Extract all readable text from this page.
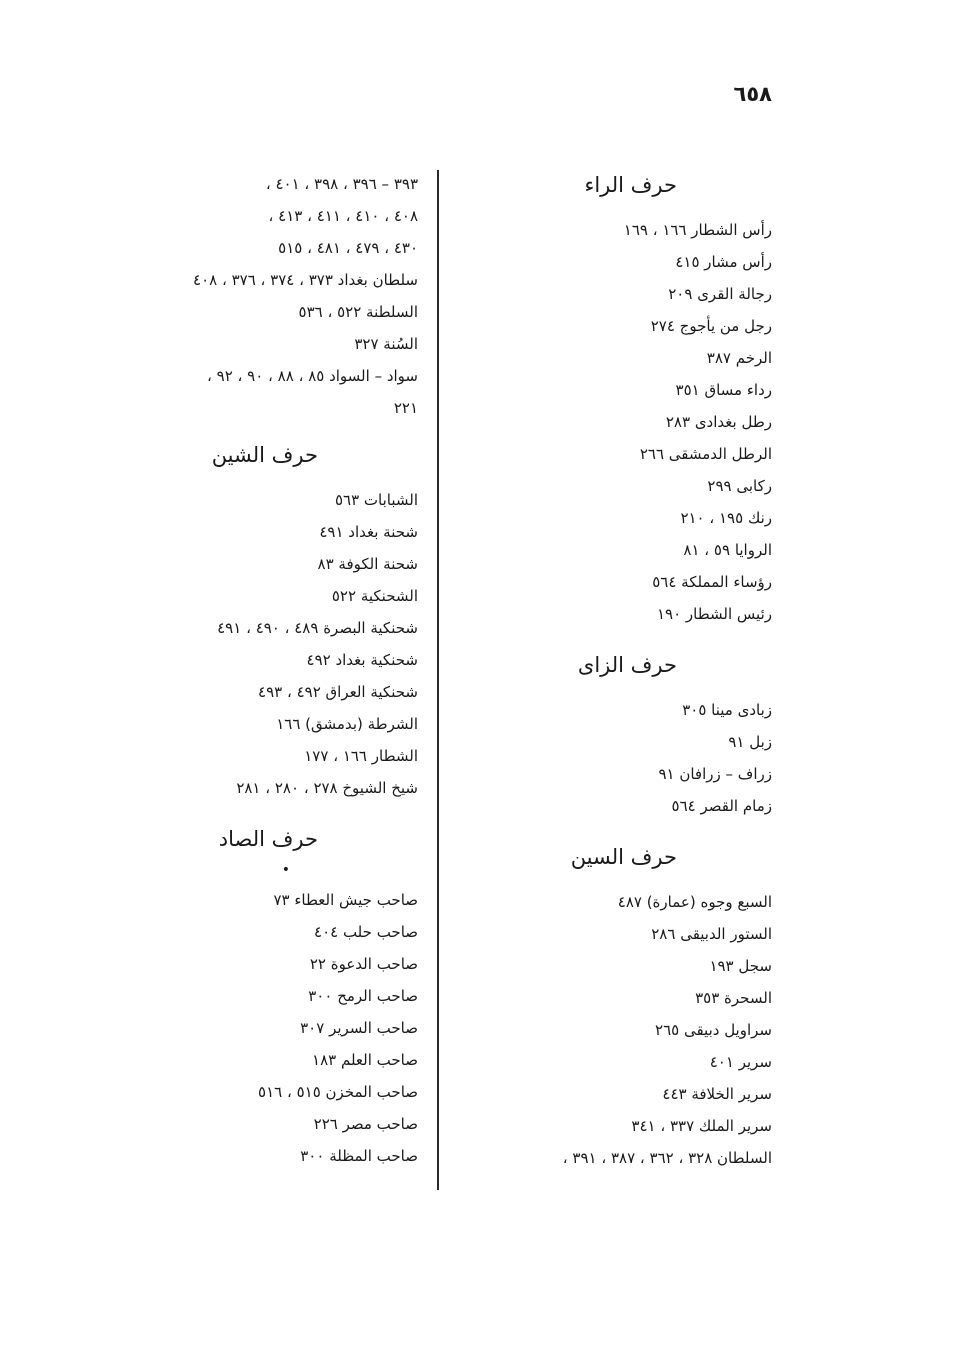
٦٥٨
حرف الراء
رأس الشطار ١٦٦ ، ١٦٩
رأس مشار ٤١٥
رجالة القرى ٢٠٩
رجل من يأجوج ٢٧٤
الرخم ٣٨٧
رداء مساق ٣٥١
رطل بغدادى ٢٨٣
الرطل الدمشقى ٢٦٦
ركابى ٢٩٩
رنك ١٩٥ ، ٢١٠
الروايا ٥٩ ، ٨١
رؤساء المملكة ٥٦٤
رئيس الشطار ١٩٠
حرف الزاى
زبادى مينا ٣٠٥
زبل ٩١
زراف – زرافان ٩١
زمام القصر ٥٦٤
حرف السين
السبع وجوه (عمارة) ٤٨٧
الستور الدبيقى ٢٨٦
سجل ١٩٣
السحرة ٣٥٣
سراويل دبيقى ٢٦٥
سرير ٤٠١
سرير الخلافة ٤٤٣
سرير الملك ٣٣٧ ، ٣٤١
السلطان ٣٢٨ ، ٣٦٢ ، ٣٨٧ ، ٣٩١ ،
٣٩٣ – ٣٩٦ ، ٣٩٨ ، ٤٠١ ،
٤٠٨ ، ٤١٠ ، ٤١١ ، ٤١٣ ،
٤٣٠ ، ٤٧٩ ، ٤٨١ ، ٥١٥
سلطان بغداد ٣٧٣ ، ٣٧٤ ، ٣٧٦ ، ٤٠٨
السلطنة ٥٢٢ ، ٥٣٦
السُنة ٣٢٧
سواد – السواد ٨٥ ، ٨٨ ، ٩٠ ، ٩٢ ،
٢٢١
حرف الشين
الشبابات ٥٦٣
شحنة بغداد ٤٩١
شحنة الكوفة ٨٣
الشحنكية ٥٢٢
شحنكية البصرة ٤٨٩ ، ٤٩٠ ، ٤٩١
شحنكية بغداد ٤٩٢
شحنكية العراق ٤٩٢ ، ٤٩٣
الشرطة (بدمشق) ١٦٦
الشطار ١٦٦ ، ١٧٧
شيخ الشيوخ ٢٧٨ ، ٢٨٠ ، ٢٨١
حرف الصاد
•
صاحب جيش العطاء ٧٣
صاحب حلب ٤٠٤
صاحب الدعوة ٢٢
صاحب الرمح ٣٠٠
صاحب السرير ٣٠٧
صاحب العلم ١٨٣
صاحب المخزن ٥١٥ ، ٥١٦
صاحب مصر ٢٢٦
صاحب المظلة ٣٠٠
